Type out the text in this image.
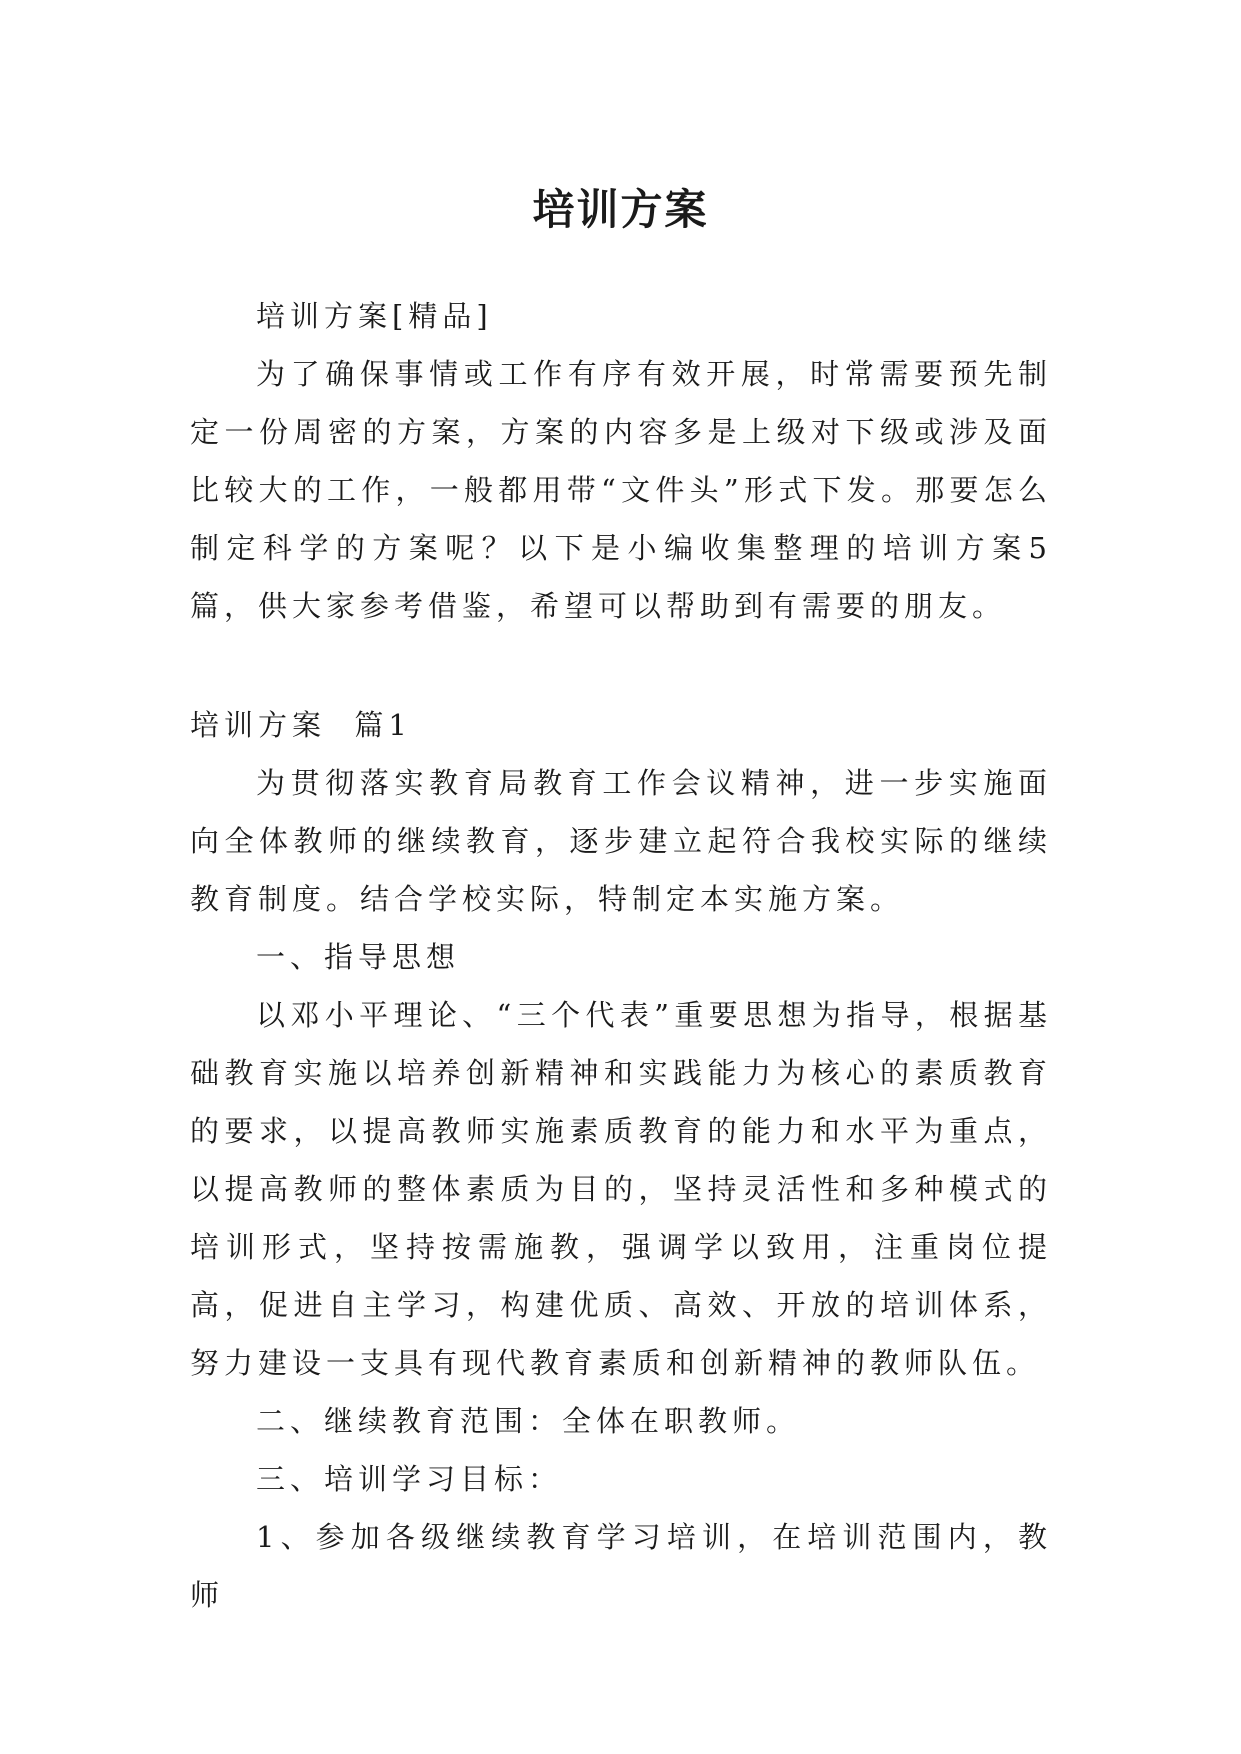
培训方案

培训方案[精品]

为了确保事情或工作有序有效开展，时常需要预先制定一份周密的方案，方案的内容多是上级对下级或涉及面比较大的工作，一般都用带“文件头”形式下发。那要怎么制定科学的方案呢？以下是小编收集整理的培训方案5篇，供大家参考借鉴，希望可以帮助到有需要的朋友。

培训方案  篇1

为贯彻落实教育局教育工作会议精神，进一步实施面向全体教师的继续教育，逐步建立起符合我校实际的继续教育制度。结合学校实际，特制定本实施方案。

一、指导思想

以邓小平理论、“三个代表”重要思想为指导，根据基础教育实施以培养创新精神和实践能力为核心的素质教育的要求，以提高教师实施素质教育的能力和水平为重点，以提高教师的整体素质为目的，坚持灵活性和多种模式的培训形式，坚持按需施教，强调学以致用，注重岗位提高，促进自主学习，构建优质、高效、开放的培训体系，努力建设一支具有现代教育素质和创新精神的教师队伍。

二、继续教育范围：全体在职教师。

三、培训学习目标：

1、参加各级继续教育学习培训，在培训范围内，教师
